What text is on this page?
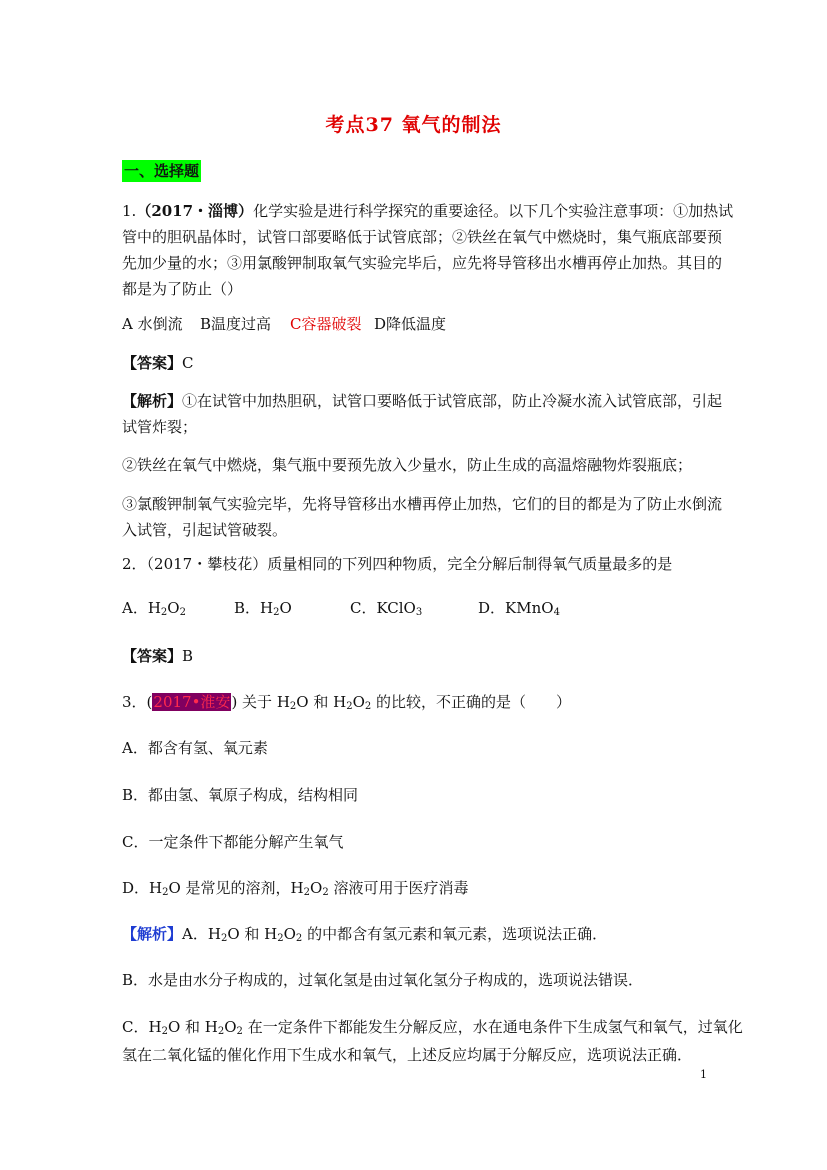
考点37 氧气的制法
一、选择题
1.（2017・淄博）化学实验是进行科学探究的重要途径。以下几个实验注意事项：①加热试
管中的胆矾晶体时，试管口部要略低于试管底部；②铁丝在氧气中燃烧时，集气瓶底部要预
先加少量的水；③用氯酸钾制取氧气实验完毕后，应先将导管移出水槽再停止加热。其目的
都是为了防止（）
A 水倒流 B温度过高 C容器破裂 D降低温度
【答案】C
【解析】①在试管中加热胆矾，试管口要略低于试管底部，防止冷凝水流入试管底部，引起
试管炸裂；
②铁丝在氧气中燃烧，集气瓶中要预先放入少量水，防止生成的高温熔融物炸裂瓶底；
③氯酸钾制氧气实验完毕，先将导管移出水槽再停止加热，它们的目的都是为了防止水倒流
入试管，引起试管破裂。
2．（2017・攀枝花）质量相同的下列四种物质，完全分解后制得氧气质量最多的是
A．$H_2O_2$	B．$H_2O$	C．KClO$_3$	D．KMnO$_4$
【答案】B
3．(2017•淮安) 关于 $H_2O$ 和 $H_2O_2$ 的比较，不正确的是（　　）
A．都含有氢、氧元素
B．都由氢、氧原子构成，结构相同
C．一定条件下都能分解产生氧气
D．$H_2O$ 是常见的溶剂，$H_2O_2$ 溶液可用于医疗消毒
【解析】A．$H_2O$ 和 $H_2O_2$ 的中都含有氢元素和氧元素，选项说法正确．
B．水是由水分子构成的，过氧化氢是由过氧化氢分子构成的，选项说法错误．
C．$H_2O$ 和 $H_2O_2$ 在一定条件下都能发生分解反应，水在通电条件下生成氢气和氧气，过氧化
氢在二氧化锰的催化作用下生成水和氧气，上述反应均属于分解反应，选项说法正确．
1
